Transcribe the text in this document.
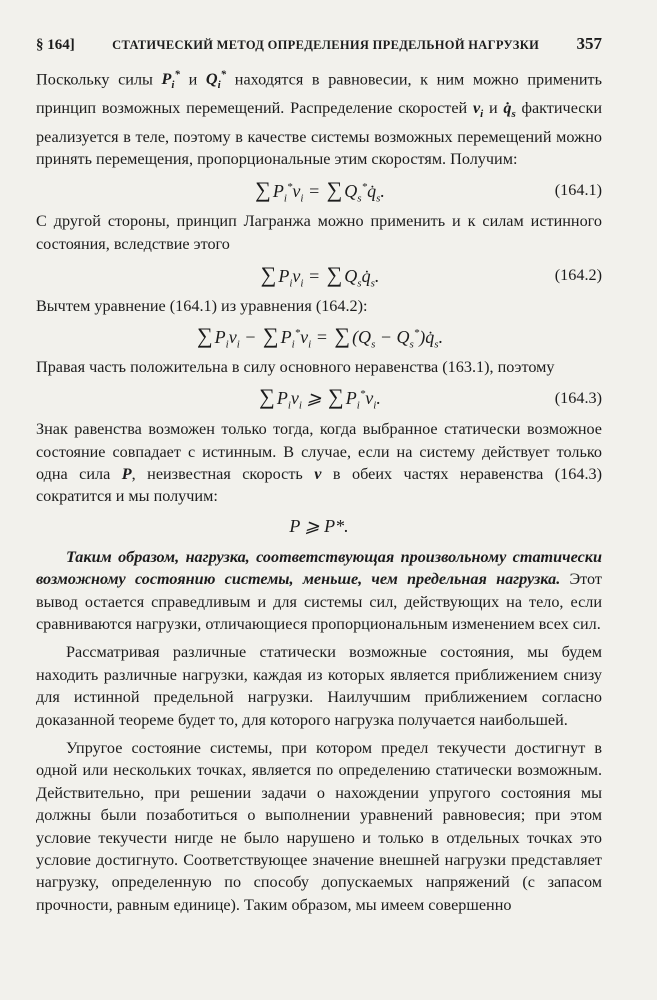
§ 164]	СТАТИЧЕСКИЙ МЕТОД ОПРЕДЕЛЕНИЯ ПРЕДЕЛЬНОЙ НАГРУЗКИ 357

Поскольку силы $P_i^*$ и $Q_i^*$ находятся в равновесии, к ним можно применить принцип возможных перемещений. Распределение скоростей $v_i$ и $q̇_s$ фактически реализуется в теле, поэтому в качестве системы возможных перемещений можно принять перемещения, пропорциональные этим скоростям. Получим:

∑ $P_i^*v_i$ = ∑ $Q_s^*q̇_s$.	(164.1)

С другой стороны, принцип Лагранжа можно применить и к силам истинного состояния, вследствие этого

∑ $P_iv_i$ = ∑ $Q_sq̇_s$.	(164.2)

Вычтем уравнение (164.1) из уравнения (164.2):

∑ $P_iv_i$ − ∑ $P_i^*v_i$ = ∑ ($Q_s$ − $Q_s^*)q̇_s$.

Правая часть положительна в силу основного неравенства (163.1), поэтому

∑ $P_iv_i$ ⩾ ∑ $P_i^*v_i$.	(164.3)

Знак равенства возможен только тогда, когда выбранное статически возможное состояние совпадает с истинным. В случае, если на систему действует только одна сила P, неизвестная скорость v в обеих частях неравенства (164.3) сократится и мы получим:

P ⩾ P*.

Таким образом, нагрузка, соответствующая произвольному статически возможному состоянию системы, меньше, чем предельная нагрузка. Этот вывод остается справедливым и для системы сил, действующих на тело, если сравниваются нагрузки, отличающиеся пропорциональным изменением всех сил.

Рассматривая различные статически возможные состояния, мы будем находить различные нагрузки, каждая из которых является приближением снизу для истинной предельной нагрузки. Наилучшим приближением согласно доказанной теореме будет то, для которого нагрузка получается наибольшей.

Упругое состояние системы, при котором предел текучести достигнут в одной или нескольких точках, является по определению статически возможным. Действительно, при решении задачи о нахождении упругого состояния мы должны были позаботиться о выполнении уравнений равновесия; при этом условие текучести нигде не было нарушено и только в отдельных точках это условие достигнуто. Соответствующее значение внешней нагрузки представляет нагрузку, определенную по способу допускаемых напряжений (с запасом прочности, равным единице). Таким образом, мы имеем совершенно
